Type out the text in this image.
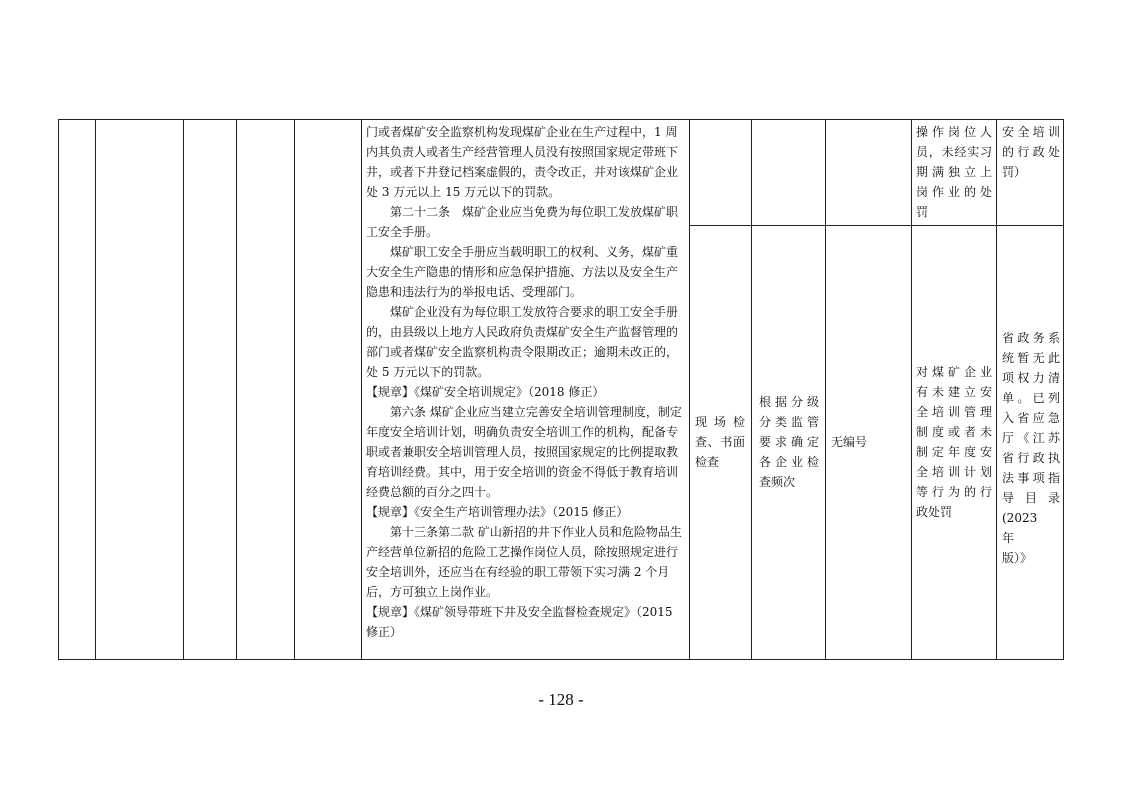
门或者煤矿安全监察机构发现煤矿企业在生产过程中，1 周内其负责人或者生产经营管理人员没有按照国家规定带班下井，或者下井登记档案虚假的，责令改正，并对该煤矿企业处 3 万元以上 15 万元以下的罚款。

第二十二条　煤矿企业应当免费为每位职工发放煤矿职工安全手册。

煤矿职工安全手册应当载明职工的权利、义务，煤矿重大安全生产隐患的情形和应急保护措施、方法以及安全生产隐患和违法行为的举报电话、受理部门。

煤矿企业没有为每位职工发放符合要求的职工安全手册的，由县级以上地方人民政府负责煤矿安全生产监督管理的部门或者煤矿安全监察机构责令限期改正；逾期未改正的，处 5 万元以下的罚款。

【规章】《煤矿安全培训规定》（2018 修正）

第六条 煤矿企业应当建立完善安全培训管理制度，制定年度安全培训计划，明确负责安全培训工作的机构，配备专职或者兼职安全培训管理人员，按照国家规定的比例提取教育培训经费。其中，用于安全培训的资金不得低于教育培训经费总额的百分之四十。

【规章】《安全生产培训管理办法》（2015 修正）

第十三条第二款 矿山新招的井下作业人员和危险物品生产经营单位新招的危险工艺操作岗位人员，除按照规定进行安全培训外，还应当在有经验的职工带领下实习满 2 个月后，方可独立上岗作业。

【规章】《煤矿领导带班下井及安全监督检查规定》（2015 修正）

操作岗位人
员，未经实习
期满独立上
岗作业的处
罚
安全培训
的行政处
罚）
现场检
查、书面
检查
根据分级
分类监管
要求确定
各企业检
查频次
无编号
对煤矿企业
有未建立安
全培训管理
制度或者未
制定年度安
全培训计划
等行为的行
政处罚
省政务系
统暂无此
项权力清
单。已列
入省应急
厅《江苏
省行政执
法事项指
导目录
(2023　年
版）》
- 128 -
